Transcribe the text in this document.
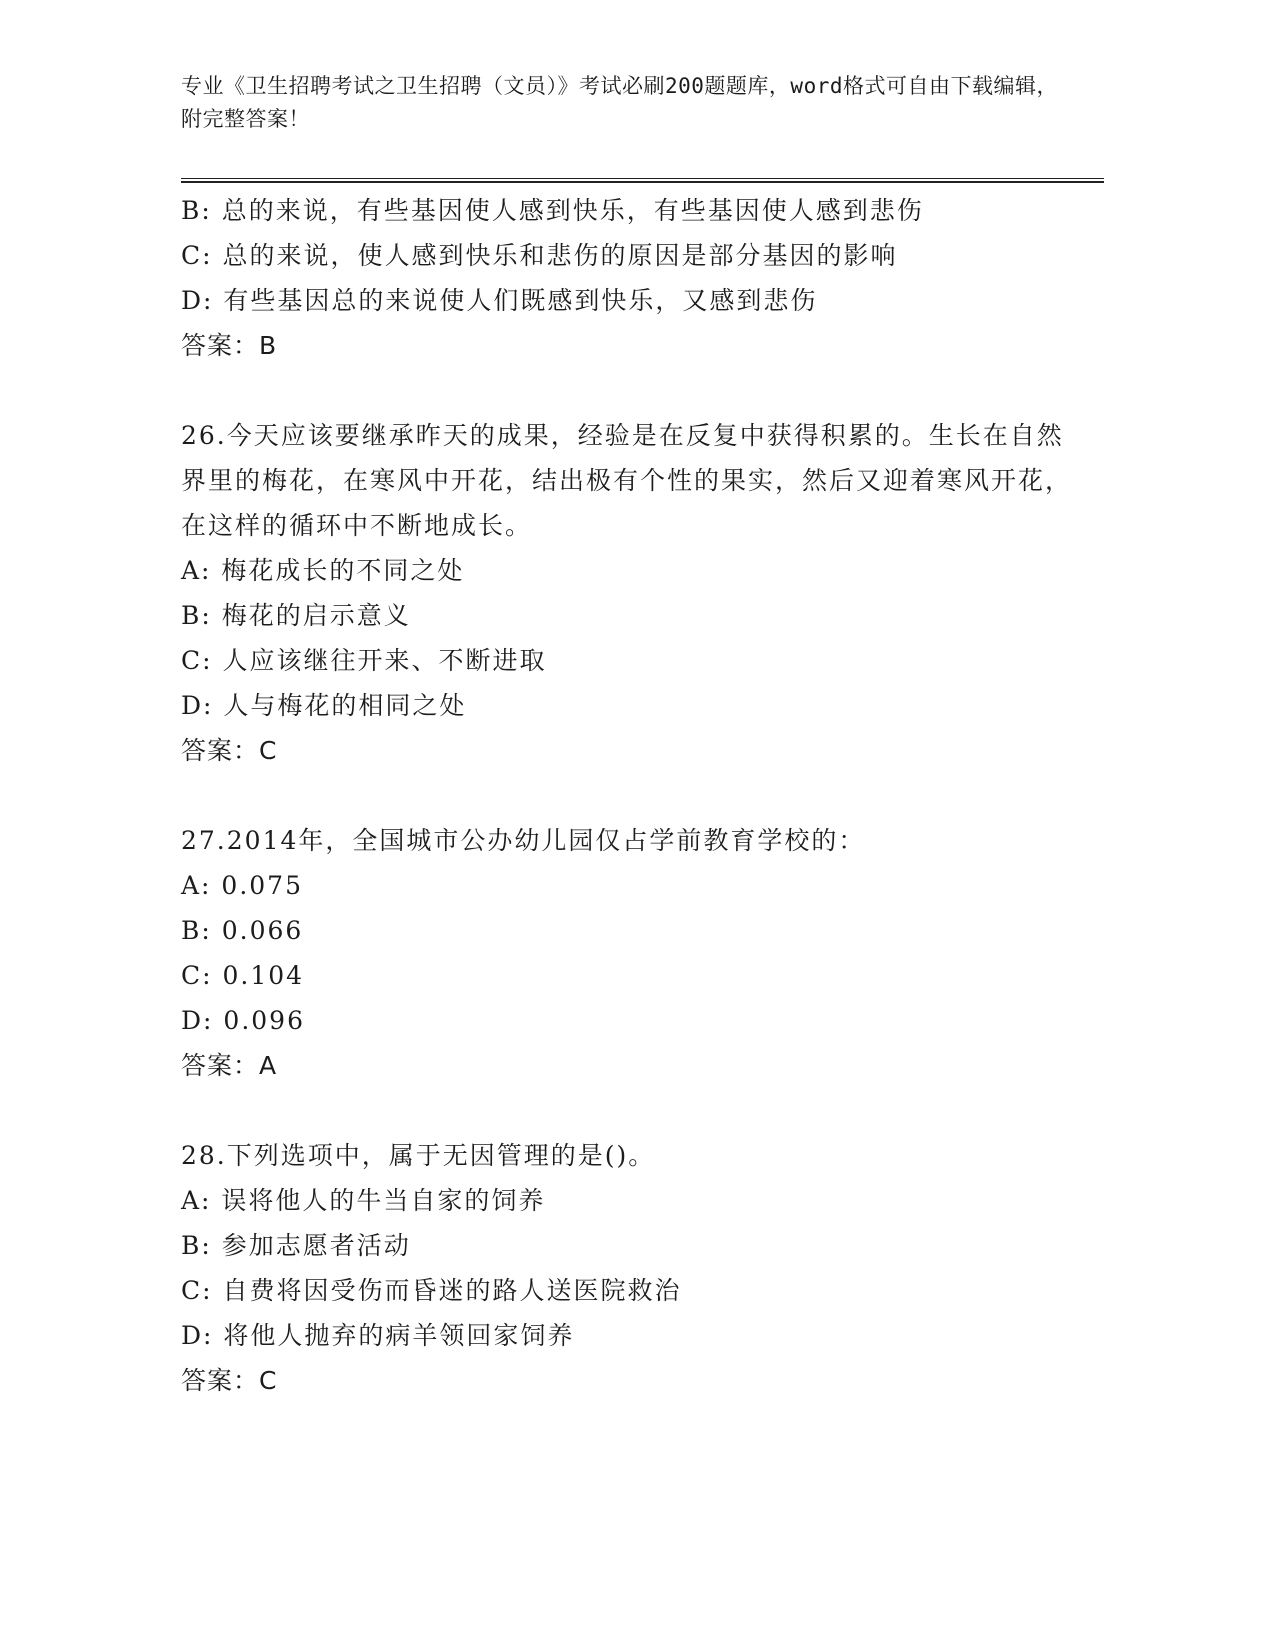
专业《卫生招聘考试之卫生招聘（文员）》考试必刷200题题库，word格式可自由下载编辑，附完整答案！
B: 总的来说，有些基因使人感到快乐，有些基因使人感到悲伤
C: 总的来说，使人感到快乐和悲伤的原因是部分基因的影响
D: 有些基因总的来说使人们既感到快乐，又感到悲伤
答案：B
26.今天应该要继承昨天的成果，经验是在反复中获得积累的。生长在自然界里的梅花，在寒风中开花，结出极有个性的果实，然后又迎着寒风开花，在这样的循环中不断地成长。
A: 梅花成长的不同之处
B: 梅花的启示意义
C: 人应该继往开来、不断进取
D: 人与梅花的相同之处
答案：C
27.2014年，全国城市公办幼儿园仅占学前教育学校的：
A: 0.075
B: 0.066
C: 0.104
D: 0.096
答案：A
28.下列选项中，属于无因管理的是()。
A: 误将他人的牛当自家的饲养
B: 参加志愿者活动
C: 自费将因受伤而昏迷的路人送医院救治
D: 将他人抛弃的病羊领回家饲养
答案：C
